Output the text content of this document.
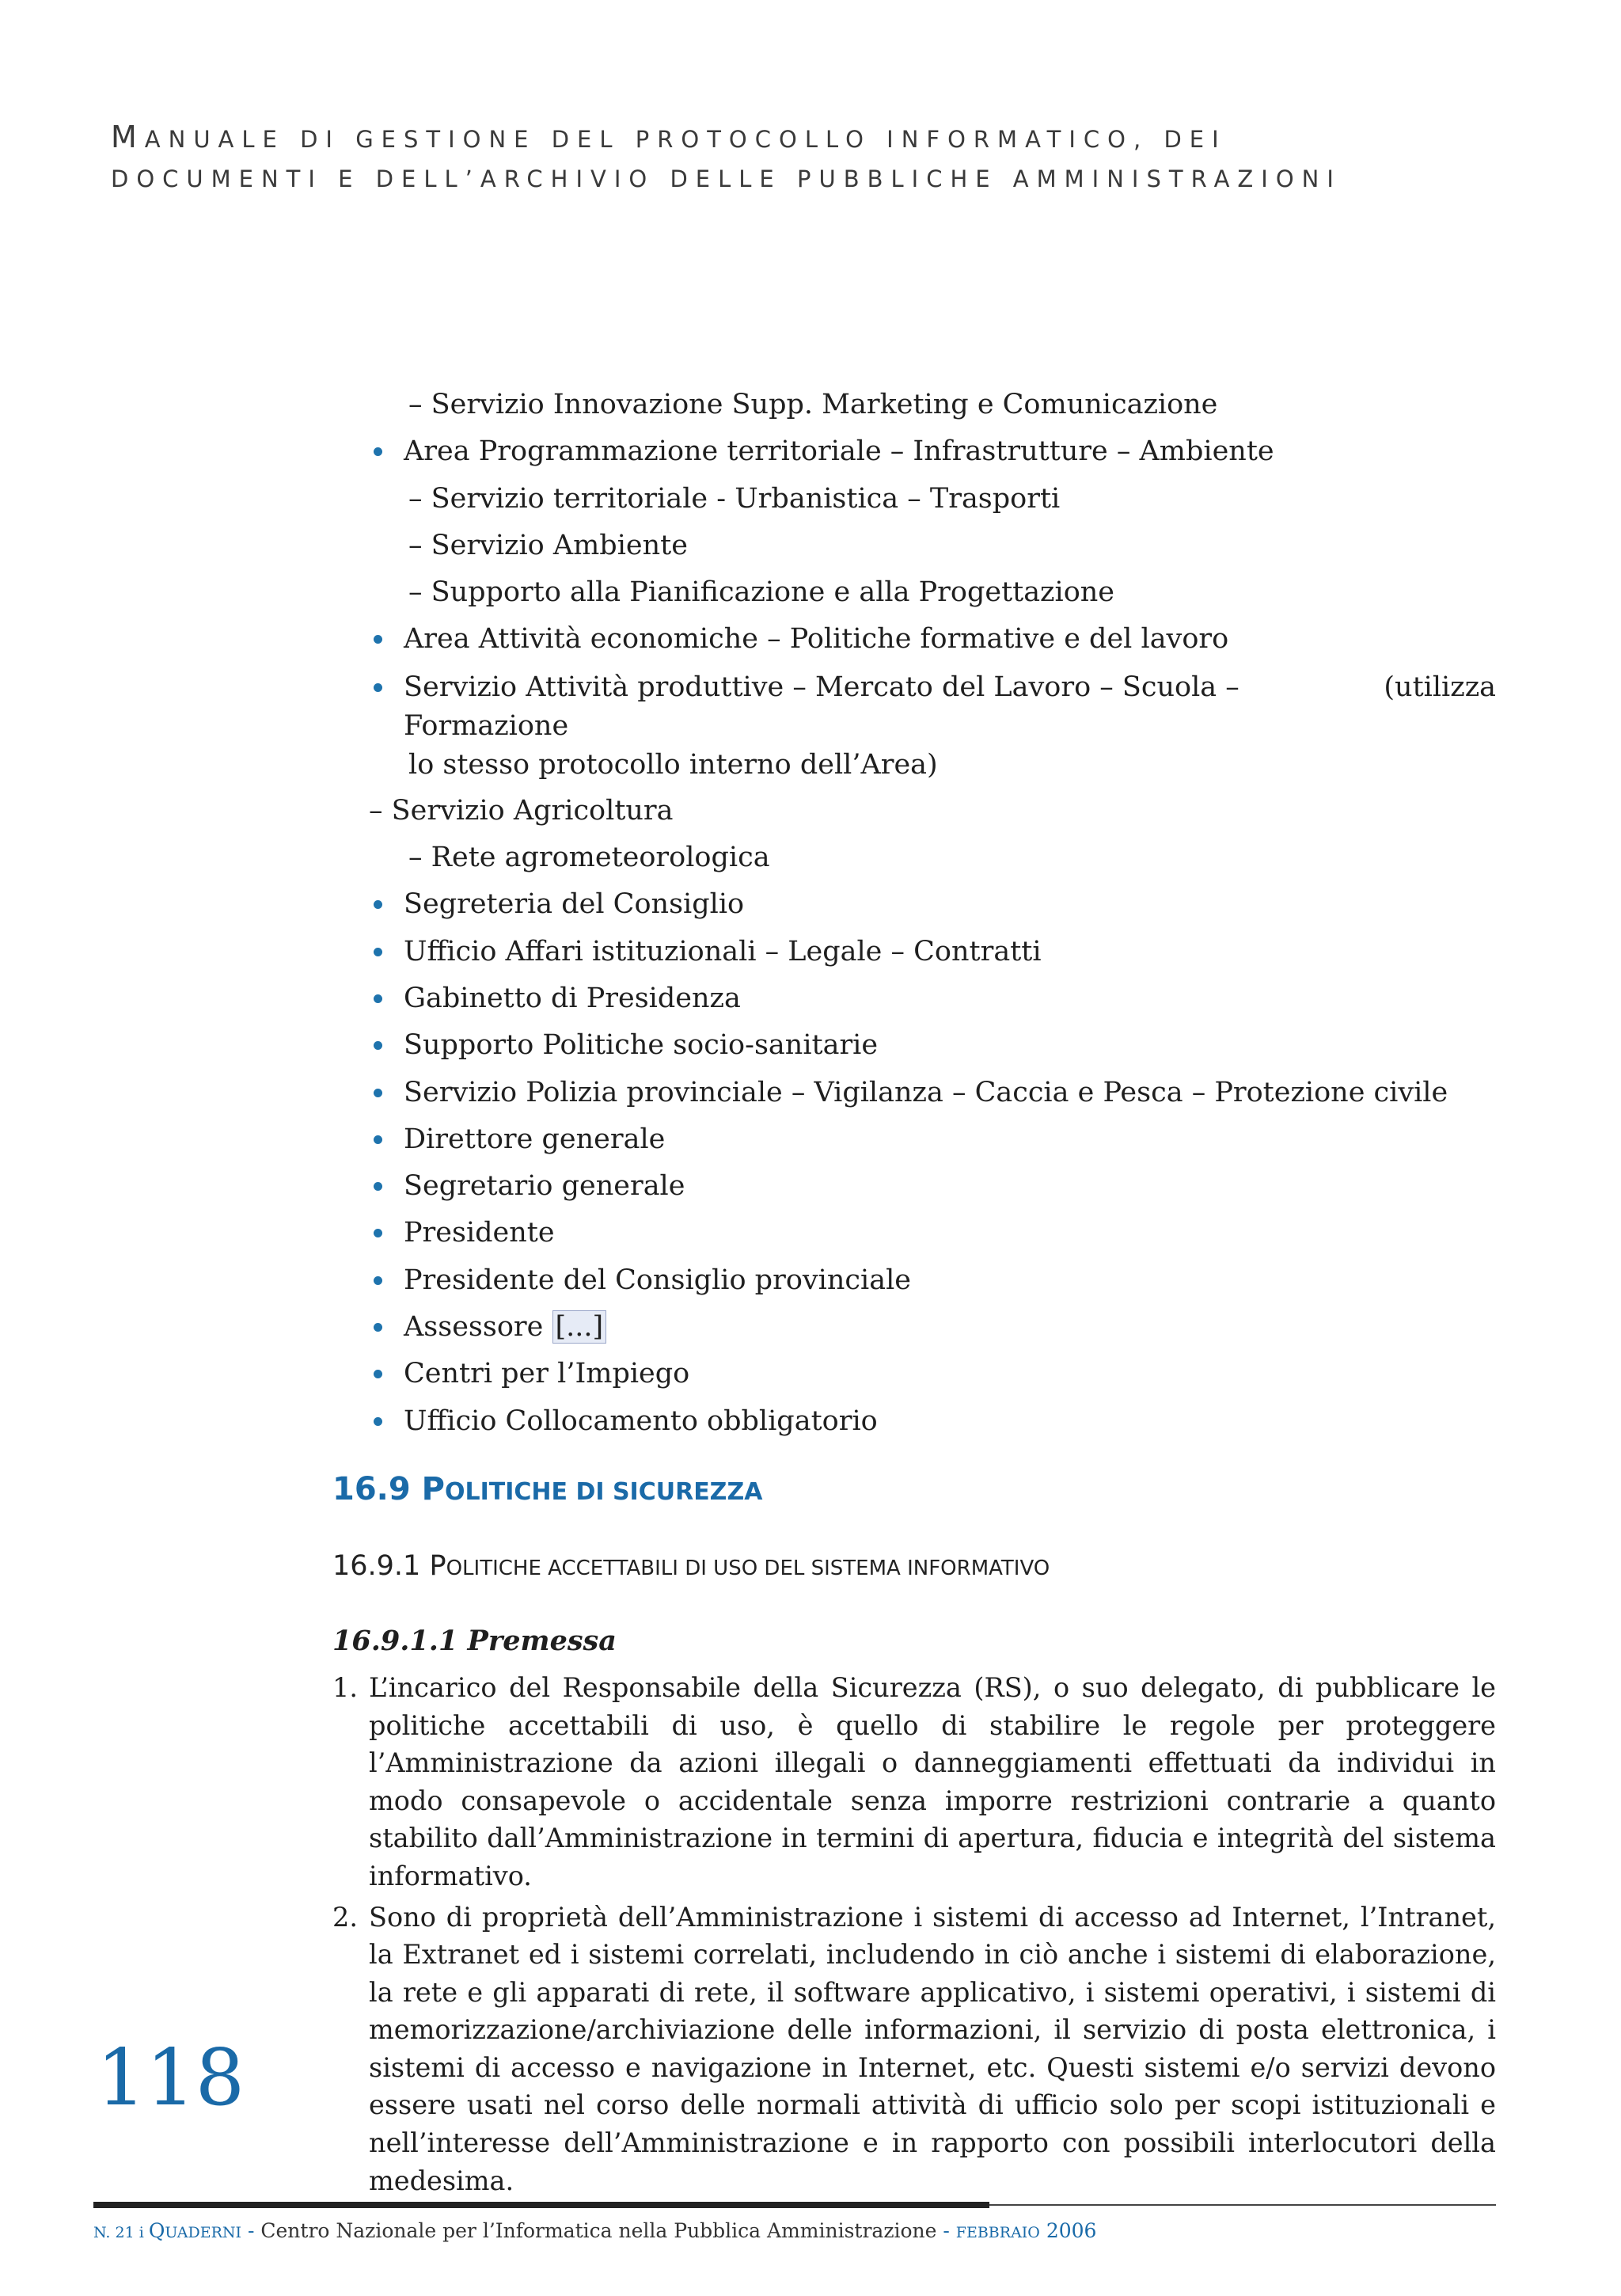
MANUALE DI GESTIONE DEL PROTOCOLLO INFORMATICO, DEI
DOCUMENTI E DELL’ARCHIVIO DELLE PUBBLICHE AMMINISTRAZIONI
– Servizio Innovazione Supp. Marketing e Comunicazione
Area Programmazione territoriale – Infrastrutture – Ambiente
– Servizio territoriale - Urbanistica – Trasporti
– Servizio Ambiente
– Supporto alla Pianificazione e alla Progettazione
Area Attività economiche – Politiche formative e del lavoro
Servizio Attività produttive – Mercato del Lavoro – Scuola – Formazione
(utilizza
lo stesso protocollo interno dell’Area)
– Servizio Agricoltura
– Rete agrometeorologica
Segreteria del Consiglio
Ufficio Affari istituzionali – Legale – Contratti
Gabinetto di Presidenza
Supporto Politiche socio-sanitarie
Servizio Polizia provinciale – Vigilanza – Caccia e Pesca – Protezione civile
Direttore generale
Segretario generale
Presidente
Presidente del Consiglio provinciale
Assessore [...]
Centri per l’Impiego
Ufficio Collocamento obbligatorio
16.9 POLITICHE DI SICUREZZA
16.9.1 POLITICHE ACCETTABILI DI USO DEL SISTEMA INFORMATIVO
16.9.1.1 Premessa
1. L’incarico del Responsabile della Sicurezza (RS), o suo delegato, di pubblicare le politiche accettabili di uso, è quello di stabilire le regole per proteggere l’Amministrazione da azioni illegali o danneggiamenti effettuati da individui in modo consapevole o accidentale senza imporre restrizioni contrarie a quanto stabilito dall’Amministrazione in termini di apertura, fiducia e integrità del sistema informativo.
2. Sono di proprietà dell’Amministrazione i sistemi di accesso ad Internet, l’Intranet, la Extranet ed i sistemi correlati, includendo in ciò anche i sistemi di elaborazione, la rete e gli apparati di rete, il software applicativo, i sistemi operativi, i sistemi di memorizzazione/archiviazione delle informazioni, il servizio di posta elettronica, i sistemi di accesso e navigazione in Internet, etc. Questi sistemi e/o servizi devono essere usati nel corso delle normali attività di ufficio solo per scopi istituzionali e nell’interesse dell’Amministrazione e in rapporto con possibili interlocutori della medesima.
118
N. 21 i QUADERNI - Centro Nazionale per l’Informatica nella Pubblica Amministrazione - FEBBRAIO 2006
